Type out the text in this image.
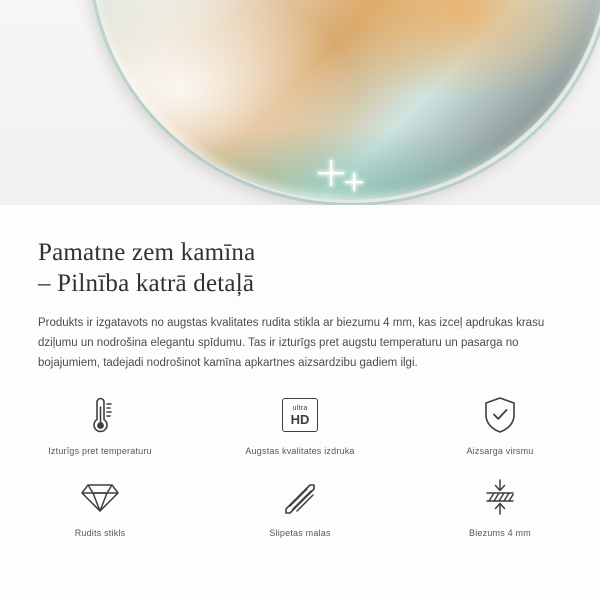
Pamatne zem kamīna
– Pilnība katrā detaļā

Produkts ir izgatavots no augstas kvalitates rudita stikla ar biezumu 4 mm, kas izceļ apdrukas krasu dziļumu un nodrošina elegantu spīdumu. Tas ir izturīgs pret augstu temperaturu un pasarga no bojajumiem, tadejadi nodrošinot kamīna apkartnes aizsardzibu gadiem ilgi.

Izturīgs pret temperaturu
ultra
HD
Augstas kvalitates izdruka	Aizsarga virsmu
Rudits stikls	Slipetas malas	Biezums 4 mm
